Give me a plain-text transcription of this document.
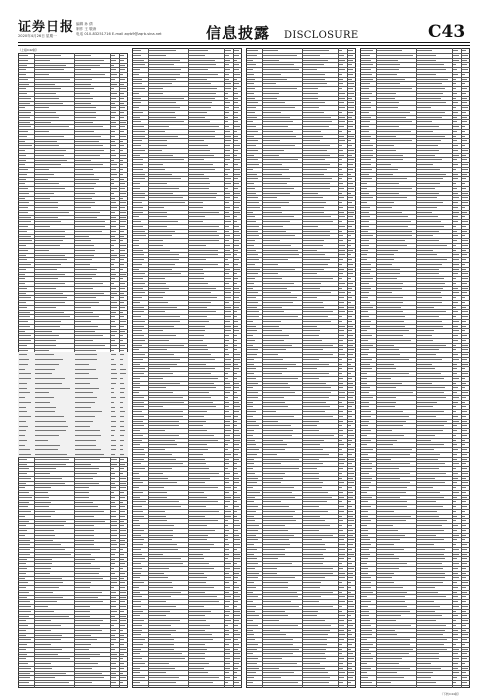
证券日报
2020年4月26日 星期一
编辑 孙 倩
制作 王 敬涛
电话 010-83251716 E-mail zqrb9@zqrb.sina.net	信息披露 DISCLOSURE	C43
（上接C42版）
（下转C44版）
